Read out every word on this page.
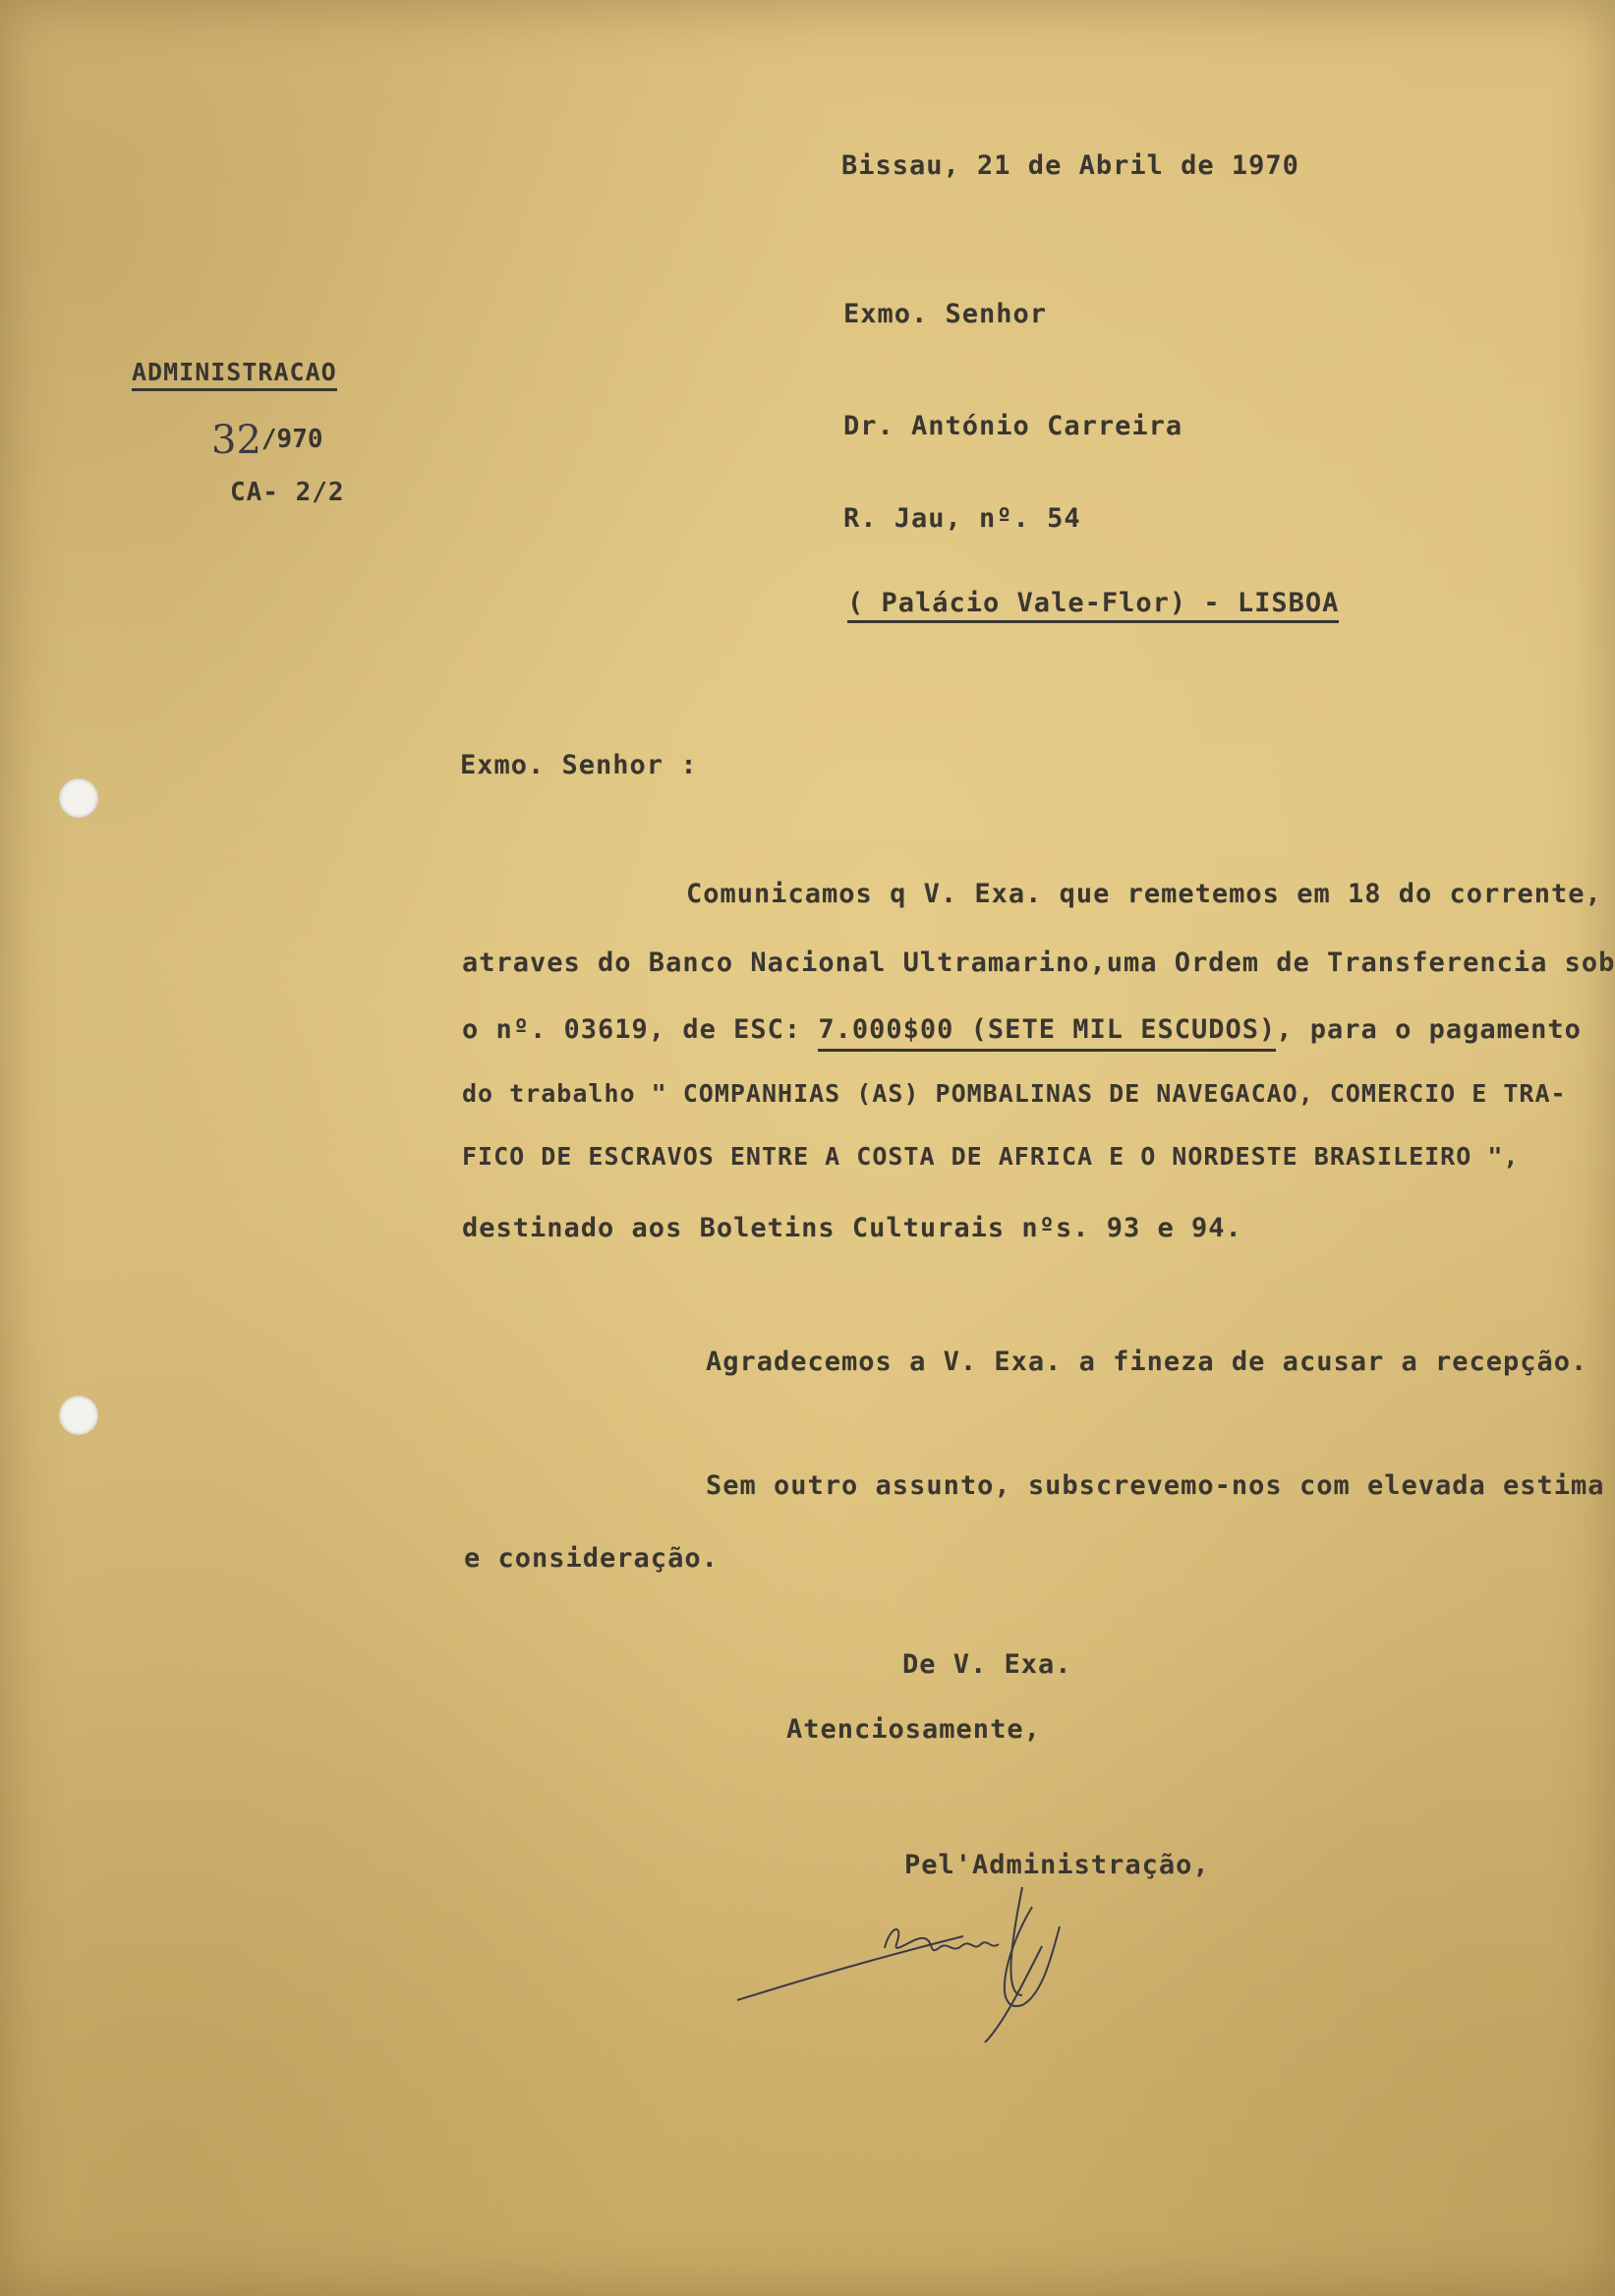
Bissau, 21 de Abril de 1970
ADMINISTRACAO
32/970
CA- 2/2
Exmo. Senhor
Dr. António Carreira
R. Jau, nº. 54
( Palácio Vale-Flor) - LISBOA
Exmo. Senhor :
Comunicamos q V. Exa. que remetemos em 18 do corrente,
atraves do Banco Nacional Ultramarino,uma Ordem de Transferencia sob
o nº. 03619, de ESC: 7.000$00 (SETE MIL ESCUDOS), para o pagamento
do trabalho " COMPANHIAS (AS) POMBALINAS DE NAVEGACAO, COMERCIO E TRA-
FICO DE ESCRAVOS ENTRE A COSTA DE AFRICA E O NORDESTE BRASILEIRO ",
destinado aos Boletins Culturais nºs. 93 e 94.
Agradecemos a V. Exa. a fineza de acusar a recepção.
Sem outro assunto, subscrevemo-nos com elevada estima
e consideração.
De V. Exa.
Atenciosamente,
Pel'Administração,
